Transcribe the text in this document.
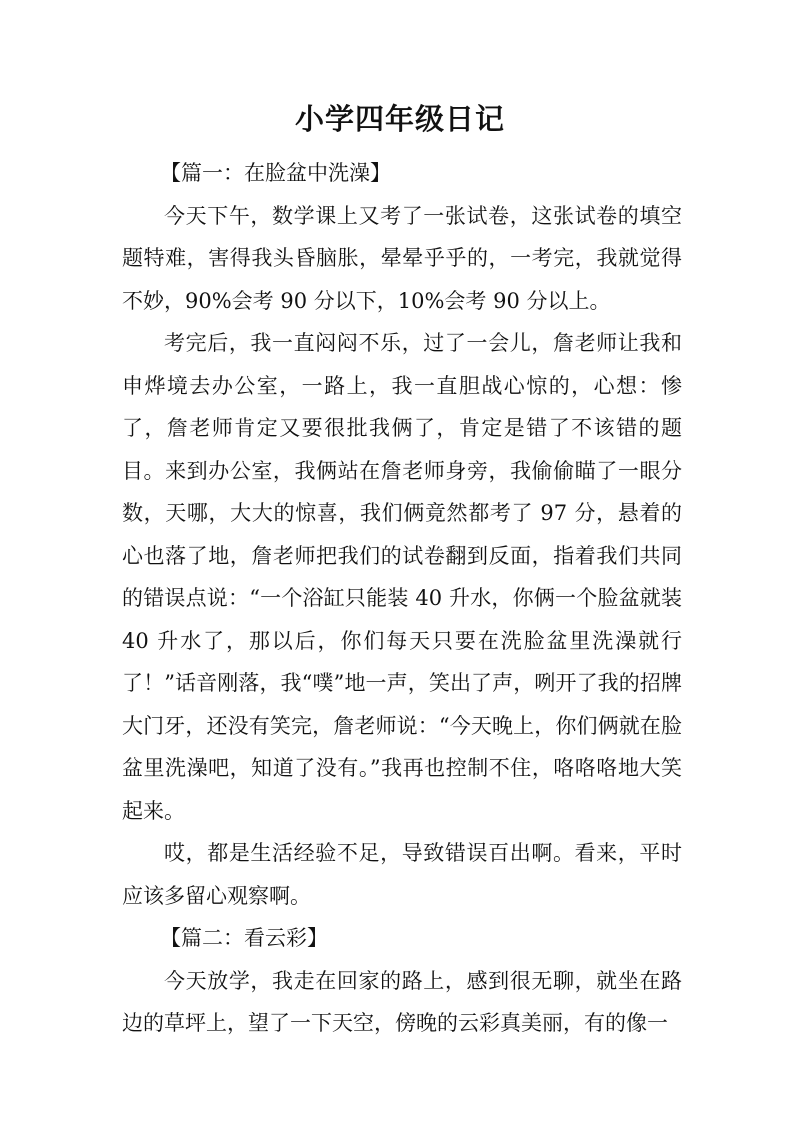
小学四年级日记

【篇一：在脸盆中洗澡】

今天下午，数学课上又考了一张试卷，这张试卷的填空题特难，害得我头昏脑胀，晕晕乎乎的，一考完，我就觉得不妙，90%会考 90 分以下，10%会考 90 分以上。

考完后，我一直闷闷不乐，过了一会儿，詹老师让我和申烨境去办公室，一路上，我一直胆战心惊的，心想：惨了，詹老师肯定又要很批我俩了，肯定是错了不该错的题目。来到办公室，我俩站在詹老师身旁，我偷偷瞄了一眼分数，天哪，大大的惊喜，我们俩竟然都考了 97 分，悬着的心也落了地，詹老师把我们的试卷翻到反面，指着我们共同的错误点说：“一个浴缸只能装 40 升水，你俩一个脸盆就装 40 升水了，那以后，你们每天只要在洗脸盆里洗澡就行了！”话音刚落，我“噗”地一声，笑出了声，咧开了我的招牌大门牙，还没有笑完，詹老师说：“今天晚上，你们俩就在脸盆里洗澡吧，知道了没有。”我再也控制不住，咯咯咯地大笑起来。

哎，都是生活经验不足，导致错误百出啊。看来，平时应该多留心观察啊。

【篇二：看云彩】

今天放学，我走在回家的路上，感到很无聊，就坐在路边的草坪上，望了一下天空，傍晚的云彩真美丽，有的像一
